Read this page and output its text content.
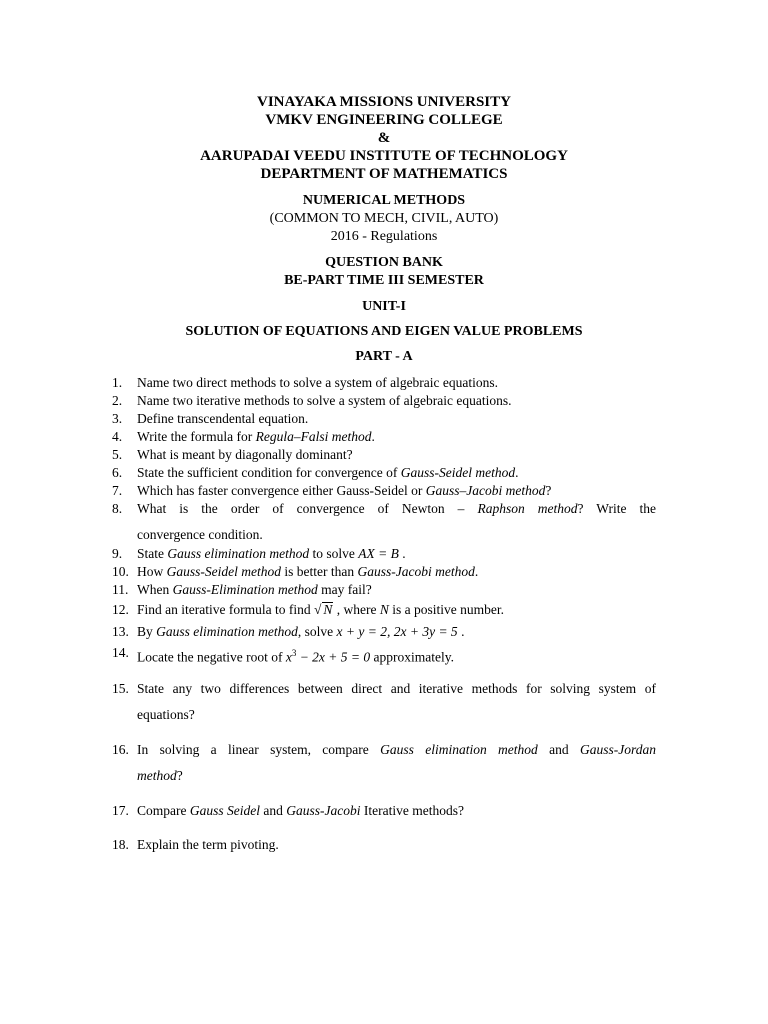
VINAYAKA MISSIONS UNIVERSITY
VMKV ENGINEERING COLLEGE
&
AARUPADAI VEEDU INSTITUTE OF TECHNOLOGY
DEPARTMENT OF MATHEMATICS
NUMERICAL METHODS
(COMMON TO MECH, CIVIL, AUTO)
2016 - Regulations
QUESTION BANK
BE-PART TIME III SEMESTER
UNIT-I
SOLUTION OF EQUATIONS AND EIGEN VALUE PROBLEMS
PART - A
1. Name two direct methods to solve a system of algebraic equations.
2. Name two iterative methods to solve a system of algebraic equations.
3. Define transcendental equation.
4. Write the formula for Regula–Falsi method.
5. What is meant by diagonally dominant?
6. State the sufficient condition for convergence of Gauss-Seidel method.
7. Which has faster convergence either Gauss-Seidel or Gauss–Jacobi method?
8. What is the order of convergence of Newton – Raphson method? Write the
convergence condition.
9. State Gauss elimination method to solve AX = B .
10. How Gauss-Seidel method is better than Gauss-Jacobi method.
11. When Gauss-Elimination method may fail?
12. Find an iterative formula to find √ N , where N is a positive number.
13. By Gauss elimination method, solve x + y = 2, 2x + 3y = 5 .
14. Locate the negative root of $x^3 - 2x + 5 = 0$ approximately.
15. State any two differences between direct and iterative methods for solving system of
equations?
16. In solving a linear system, compare Gauss elimination method and Gauss-Jordan
method?
17. Compare Gauss Seidel and Gauss-Jacobi Iterative methods?
18. Explain the term pivoting.
